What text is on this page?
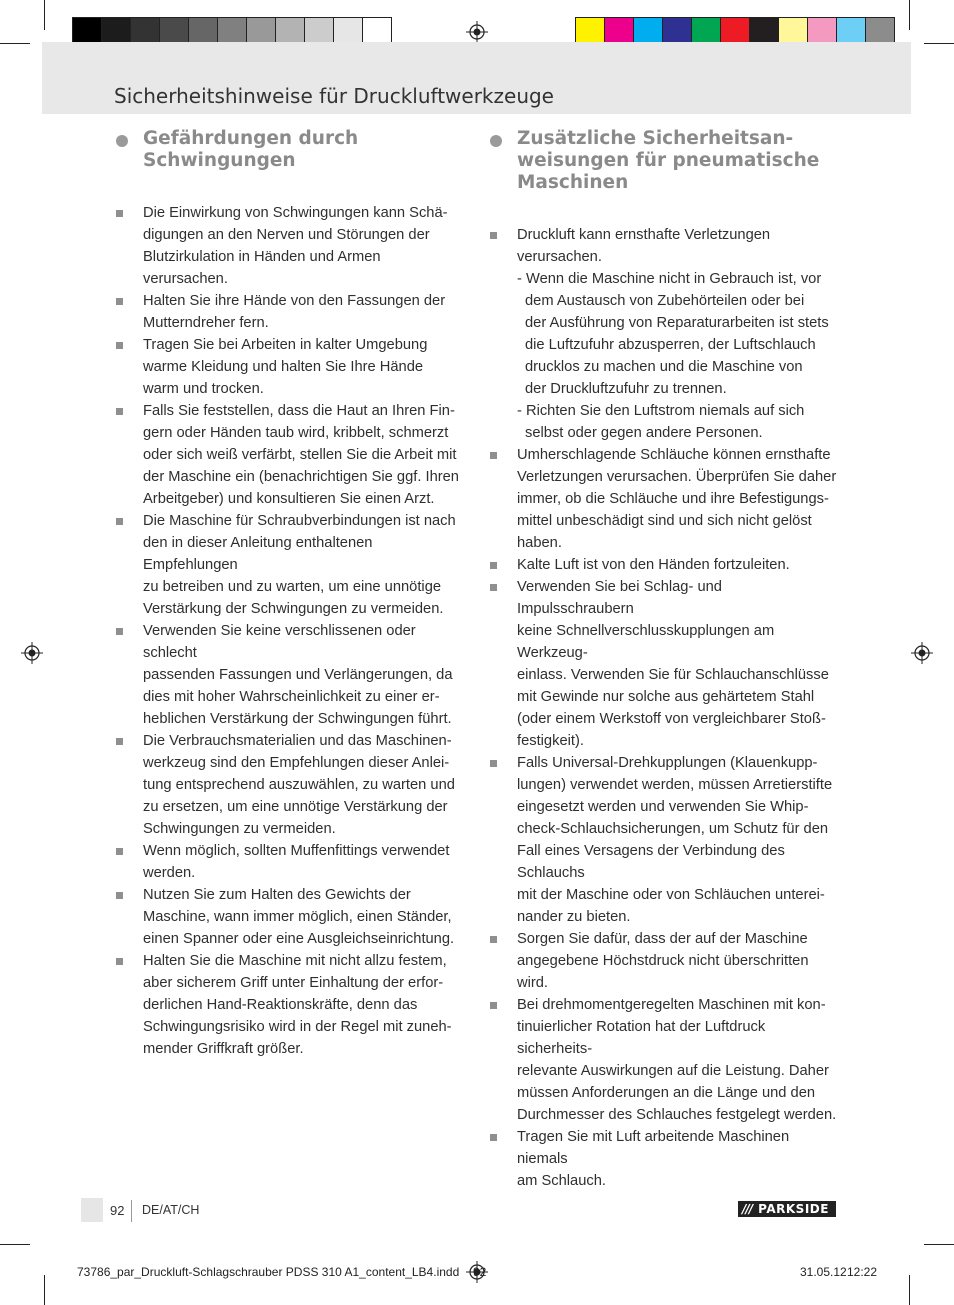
Sicherheitshinweise für Druckluftwerkzeuge
Gefährdungen durch
Schwingungen
Die Einwirkung von Schwingungen kann Schä-
digungen an den Nerven und Störungen der
Blutzirkulation in Händen und Armen verursachen.
Halten Sie ihre Hände von den Fassungen der
Mutterndreher fern.
Tragen Sie bei Arbeiten in kalter Umgebung
warme Kleidung und halten Sie Ihre Hände
warm und trocken.
Falls Sie feststellen, dass die Haut an Ihren Fin-
gern oder Händen taub wird, kribbelt, schmerzt
oder sich weiß verfärbt, stellen Sie die Arbeit mit
der Maschine ein (benachrichtigen Sie ggf. Ihren
Arbeitgeber) und konsultieren Sie einen Arzt.
Die Maschine für Schraubverbindungen ist nach
den in dieser Anleitung enthaltenen Empfehlungen
zu betreiben und zu warten, um eine unnötige
Verstärkung der Schwingungen zu vermeiden.
Verwenden Sie keine verschlissenen oder schlecht
passenden Fassungen und Verlängerungen, da
dies mit hoher Wahrscheinlichkeit zu einer er-
heblichen Verstärkung der Schwingungen führt.
Die Verbrauchsmaterialien und das Maschinen-
werkzeug sind den Empfehlungen dieser Anlei-
tung entsprechend auszuwählen, zu warten und
zu ersetzen, um eine unnötige Verstärkung der
Schwingungen zu vermeiden.
Wenn möglich, sollten Muffenfittings verwendet
werden.
Nutzen Sie zum Halten des Gewichts der
Maschine, wann immer möglich, einen Ständer,
einen Spanner oder eine Ausgleichseinrichtung.
Halten Sie die Maschine mit nicht allzu festem,
aber sicherem Griff unter Einhaltung der erfor-
derlichen Hand-Reaktionskräfte, denn das
Schwingungsrisiko wird in der Regel mit zuneh-
mender Griffkraft größer.
Zusätzliche Sicherheitsan-
weisungen für pneumatische
Maschinen
Druckluft kann ernsthafte Verletzungen
verursachen.
- Wenn die Maschine nicht in Gebrauch ist, vor
dem Austausch von Zubehörteilen oder bei
der Ausführung von Reparaturarbeiten ist stets
die Luftzufuhr abzusperren, der Luftschlauch
drucklos zu machen und die Maschine von
der Druckluftzufuhr zu trennen.
- Richten Sie den Luftstrom niemals auf sich
selbst oder gegen andere Personen.
Umherschlagende Schläuche können ernsthafte
Verletzungen verursachen. Überprüfen Sie daher
immer, ob die Schläuche und ihre Befestigungs-
mittel unbeschädigt sind und sich nicht gelöst
haben.
Kalte Luft ist von den Händen fortzuleiten.
Verwenden Sie bei Schlag- und Impulsschraubern
keine Schnellverschlusskupplungen am Werkzeug-
einlass. Verwenden Sie für Schlauchanschlüsse
mit Gewinde nur solche aus gehärtetem Stahl
(oder einem Werkstoff von vergleichbarer Stoß-
festigkeit).
Falls Universal-Drehkupplungen (Klauenkupp-
lungen) verwendet werden, müssen Arretierstifte
eingesetzt werden und verwenden Sie Whip-
check-Schlauchsicherungen, um Schutz für den
Fall eines Versagens der Verbindung des Schlauchs
mit der Maschine oder von Schläuchen unterei-
nander zu bieten.
Sorgen Sie dafür, dass der auf der Maschine
angegebene Höchstdruck nicht überschritten
wird.
Bei drehmomentgeregelten Maschinen mit kon-
tinuierlicher Rotation hat der Luftdruck sicherheits-
relevante Auswirkungen auf die Leistung. Daher
müssen Anforderungen an die Länge und den
Durchmesser des Schlauches festgelegt werden.
Tragen Sie mit Luft arbeitende Maschinen niemals
am Schlauch.
92 DE/AT/CH	/// PARKSIDE
73786_par_Druckluft-Schlagschrauber PDSS 310 A1_content_LB4.indd 92	31.05.12 12:22
